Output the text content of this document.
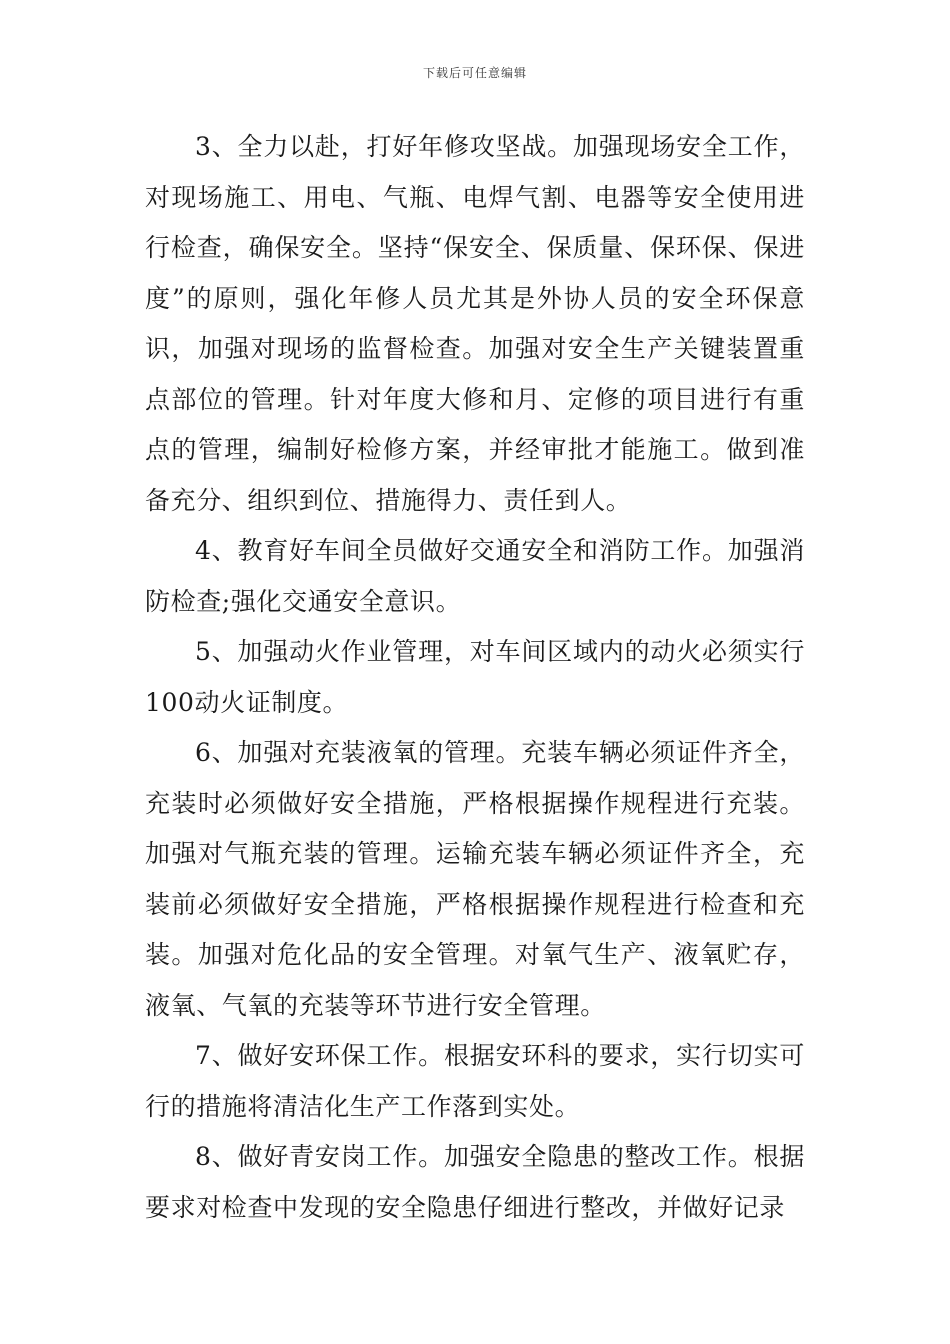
下载后可任意编辑

3、全力以赴，打好年修攻坚战。加强现场安全工作，对现场施工、用电、气瓶、电焊气割、电器等安全使用进行检查，确保安全。坚持“保安全、保质量、保环保、保进度”的原则，强化年修人员尤其是外协人员的安全环保意识，加强对现场的监督检查。加强对安全生产关键装置重点部位的管理。针对年度大修和月、定修的项目进行有重点的管理，编制好检修方案，并经审批才能施工。做到准备充分、组织到位、措施得力、责任到人。

4、教育好车间全员做好交通安全和消防工作。加强消防检查;强化交通安全意识。

5、加强动火作业管理，对车间区域内的动火必须实行100动火证制度。

6、加强对充装液氧的管理。充装车辆必须证件齐全，充装时必须做好安全措施，严格根据操作规程进行充装。加强对气瓶充装的管理。运输充装车辆必须证件齐全，充装前必须做好安全措施，严格根据操作规程进行检查和充装。加强对危化品的安全管理。对氧气生产、液氧贮存，液氧、气氧的充装等环节进行安全管理。

7、做好安环保工作。根据安环科的要求，实行切实可行的措施将清洁化生产工作落到实处。

8、做好青安岗工作。加强安全隐患的整改工作。根据要求对检查中发现的安全隐患仔细进行整改，并做好记录
